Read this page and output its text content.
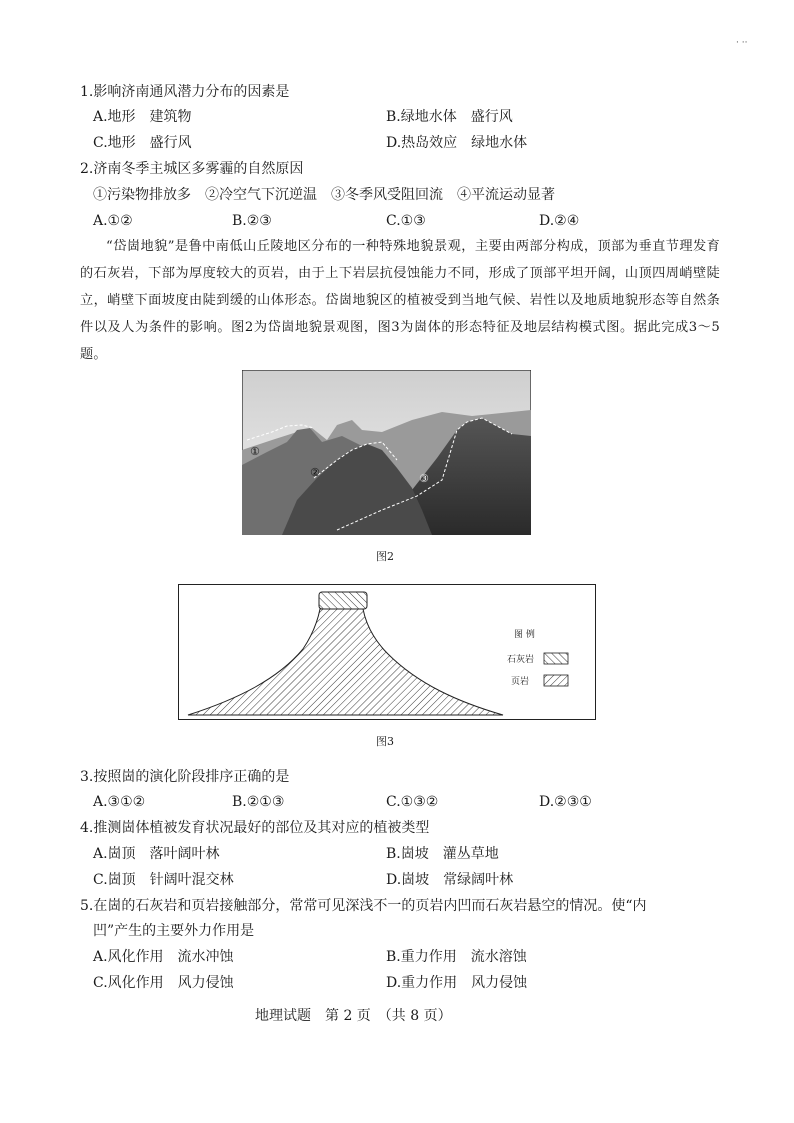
· ··
1.影响济南通风潜力分布的因素是
A.地形　建筑物	B.绿地水体　盛行风
C.地形　盛行风	D.热岛效应　绿地水体
2.济南冬季主城区多雾霾的自然原因
①污染物排放多　②冷空气下沉逆温　③冬季风受阻回流　④平流运动显著
A.①②	B.②③	C.①③	D.②④
“岱崮地貌”是鲁中南低山丘陵地区分布的一种特殊地貌景观，主要由两部分构成，顶部为垂直节理发育的石灰岩，下部为厚度较大的页岩，由于上下岩层抗侵蚀能力不同，形成了顶部平坦开阔，山顶四周峭壁陡立，峭壁下面坡度由陡到缓的山体形态。岱崮地貌区的植被受到当地气候、岩性以及地质地貌形态等自然条件以及人为条件的影响。图2为岱崮地貌景观图，图3为崮体的形态特征及地层结构模式图。据此完成3～5题。
①
②	③
图2
图 例
石灰岩
页岩
图3
3.按照崮的演化阶段排序正确的是
A.③①②	B.②①③	C.①③②	D.②③①
4.推测崮体植被发育状况最好的部位及其对应的植被类型
A.崮顶　落叶阔叶林	B.崮坡　灌丛草地
C.崮顶　针阔叶混交林	D.崮坡　常绿阔叶林
5.在崮的石灰岩和页岩接触部分，常常可见深浅不一的页岩内凹而石灰岩悬空的情况。使“内
凹”产生的主要外力作用是
A.风化作用　流水冲蚀	B.重力作用　流水溶蚀
C.风化作用　风力侵蚀	D.重力作用　风力侵蚀
地理试题　第 2 页　（共 8 页）
